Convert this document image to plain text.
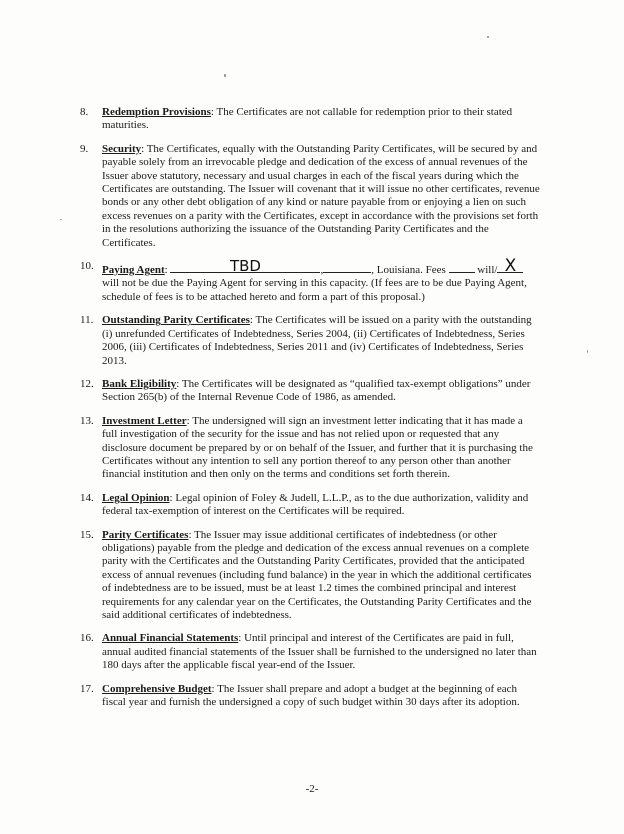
8.	Redemption Provisions: The Certificates are not callable for redemption prior to their stated maturities.
9.	Security: The Certificates, equally with the Outstanding Parity Certificates, will be secured by and payable solely from an irrevocable pledge and dedication of the excess of annual revenues of the Issuer above statutory, necessary and usual charges in each of the fiscal years during which the Certificates are outstanding. The Issuer will covenant that it will issue no other certificates, revenue bonds or any other debt obligation of any kind or nature payable from or enjoying a lien on such excess revenues on a parity with the Certificates, except in accordance with the provisions set forth in the resolutions authorizing the issuance of the Outstanding Parity Certificates and the Certificates.
10. Paying Agent:	TBD	,	, Louisiana. Fees	will/ X
will not be due the Paying Agent for serving in this capacity. (If fees are to be due Paying Agent, schedule of fees is to be attached hereto and form a part of this proposal.)
11. Outstanding Parity Certificates: The Certificates will be issued on a parity with the outstanding (i) unrefunded Certificates of Indebtedness, Series 2004, (ii) Certificates of Indebtedness, Series 2006, (iii) Certificates of Indebtedness, Series 2011 and (iv) Certificates of Indebtedness, Series 2013.
12. Bank Eligibility: The Certificates will be designated as “qualified tax-exempt obligations” under Section 265(b) of the Internal Revenue Code of 1986, as amended.
13. Investment Letter: The undersigned will sign an investment letter indicating that it has made a full investigation of the security for the issue and has not relied upon or requested that any disclosure document be prepared by or on behalf of the Issuer, and further that it is purchasing the Certificates without any intention to sell any portion thereof to any person other than another financial institution and then only on the terms and conditions set forth therein.
14. Legal Opinion: Legal opinion of Foley & Judell, L.L.P., as to the due authorization, validity and federal tax-exemption of interest on the Certificates will be required.
15. Parity Certificates: The Issuer may issue additional certificates of indebtedness (or other obligations) payable from the pledge and dedication of the excess annual revenues on a complete parity with the Certificates and the Outstanding Parity Certificates, provided that the anticipated excess of annual revenues (including fund balance) in the year in which the additional certificates of indebtedness are to be issued, must be at least 1.2 times the combined principal and interest requirements for any calendar year on the Certificates, the Outstanding Parity Certificates and the said additional certificates of indebtedness.
16. Annual Financial Statements: Until principal and interest of the Certificates are paid in full, annual audited financial statements of the Issuer shall be furnished to the undersigned no later than 180 days after the applicable fiscal year-end of the Issuer.
17. Comprehensive Budget: The Issuer shall prepare and adopt a budget at the beginning of each fiscal year and furnish the undersigned a copy of such budget within 30 days after its adoption.
-2-
